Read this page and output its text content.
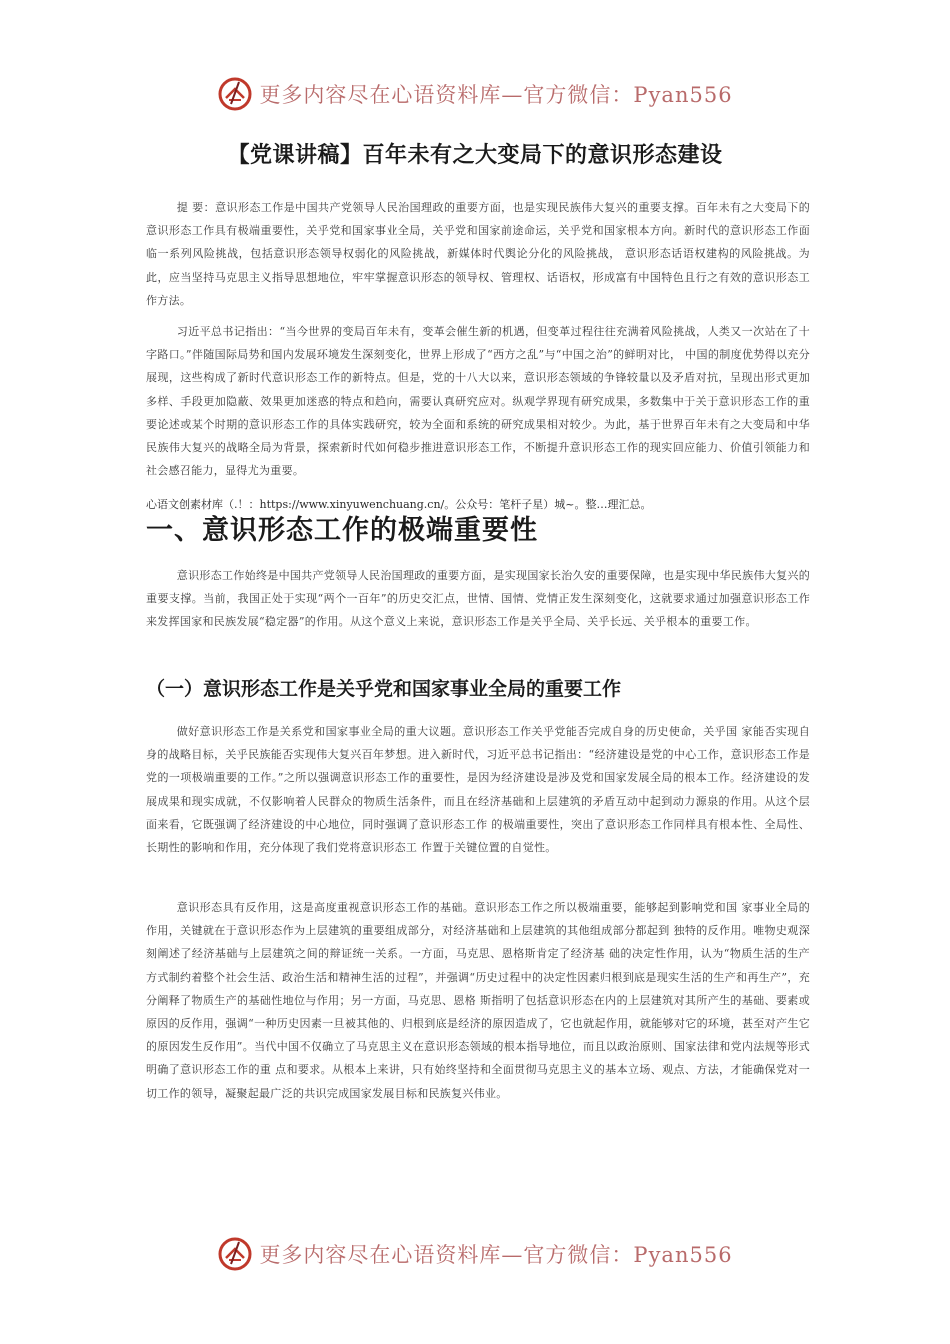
更多内容尽在心语资料库—官方微信：Pyan556
【党课讲稿】百年未有之大变局下的意识形态建设

提 要：意识形态工作是中国共产党领导人民治国理政的重要方面，也是实现民族伟大复兴的重要支撑。百年未有之大变局下的意识形态工作具有极端重要性，关乎党和国家事业全局，关乎党和国家前途命运，关乎党和国家根本方向。新时代的意识形态工作面临一系列风险挑战，包括意识形态领导权弱化的风险挑战，新媒体时代舆论分化的风险挑战， 意识形态话语权建构的风险挑战。为此，应当坚持马克思主义指导思想地位，牢牢掌握意识形态的领导权、管理权、话语权，形成富有中国特色且行之有效的意识形态工作方法。

习近平总书记指出：“当今世界的变局百年未有，变革会催生新的机遇，但变革过程往往充满着风险挑战，人类又一次站在了十字路口。”伴随国际局势和国内发展环境发生深刻变化，世界上形成了“西方之乱”与“中国之治”的鲜明对比， 中国的制度优势得以充分展现，这些构成了新时代意识形态工作的新特点。但是，党的十八大以来，意识形态领域的争锋较量以及矛盾对抗，呈现出形式更加多样、手段更加隐蔽、效果更加迷惑的特点和趋向，需要认真研究应对。纵观学界现有研究成果，多数集中于关于意识形态工作的重要论述或某个时期的意识形态工作的具体实践研究，较为全面和系统的研究成果相对较少。为此，基于世界百年未有之大变局和中华民族伟大复兴的战略全局为背景，探索新时代如何稳步推进意识形态工作，不断提升意识形态工作的现实回应能力、价值引领能力和社会感召能力，显得尤为重要。

心语文创素材库（.！：https://www.xinyuwenchuang.cn/。公众号：笔杆子星）城~。整…理汇总。
一、意识形态工作的极端重要性

意识形态工作始终是中国共产党领导人民治国理政的重要方面，是实现国家长治久安的重要保障，也是实现中华民族伟大复兴的重要支撑。当前，我国正处于实现“两个一百年”的历史交汇点，世情、国情、党情正发生深刻变化，这就要求通过加强意识形态工作来发挥国家和民族发展“稳定器”的作用。从这个意义上来说，意识形态工作是关乎全局、关乎长远、关乎根本的重要工作。

（一）意识形态工作是关乎党和国家事业全局的重要工作

做好意识形态工作是关系党和国家事业全局的重大议题。意识形态工作关乎党能否完成自身的历史使命，关乎国 家能否实现自身的战略目标，关乎民族能否实现伟大复兴百年梦想。进入新时代，习近平总书记指出：“经济建设是党的中心工作，意识形态工作是党的一项极端重要的工作。”之所以强调意识形态工作的重要性，是因为经济建设是涉及党和国家发展全局的根本工作。经济建设的发展成果和现实成就，不仅影响着人民群众的物质生活条件，而且在经济基础和上层建筑的矛盾互动中起到动力源泉的作用。从这个层面来看，它既强调了经济建设的中心地位，同时强调了意识形态工作 的极端重要性，突出了意识形态工作同样具有根本性、全局性、长期性的影响和作用，充分体现了我们党将意识形态工 作置于关键位置的自觉性。

意识形态具有反作用，这是高度重视意识形态工作的基础。意识形态工作之所以极端重要，能够起到影响党和国 家事业全局的作用，关键就在于意识形态作为上层建筑的重要组成部分，对经济基础和上层建筑的其他组成部分都起到 独特的反作用。唯物史观深刻阐述了经济基础与上层建筑之间的辩证统一关系。一方面，马克思、恩格斯肯定了经济基 础的决定性作用，认为“物质生活的生产方式制约着整个社会生活、政治生活和精神生活的过程”，并强调“历史过程中的决定性因素归根到底是现实生活的生产和再生产”，充分阐释了物质生产的基础性地位与作用；另一方面，马克思、恩格 斯指明了包括意识形态在内的上层建筑对其所产生的基础、要素或原因的反作用，强调“一种历史因素一旦被其他的、归根到底是经济的原因造成了，它也就起作用，就能够对它的环境，甚至对产生它的原因发生反作用”。当代中国不仅确立了马克思主义在意识形态领域的根本指导地位，而且以政治原则、国家法律和党内法规等形式明确了意识形态工作的重 点和要求。从根本上来讲，只有始终坚持和全面贯彻马克思主义的基本立场、观点、方法，才能确保党对一切工作的领导，凝聚起最广泛的共识完成国家发展目标和民族复兴伟业。

更多内容尽在心语资料库—官方微信：Pyan556
